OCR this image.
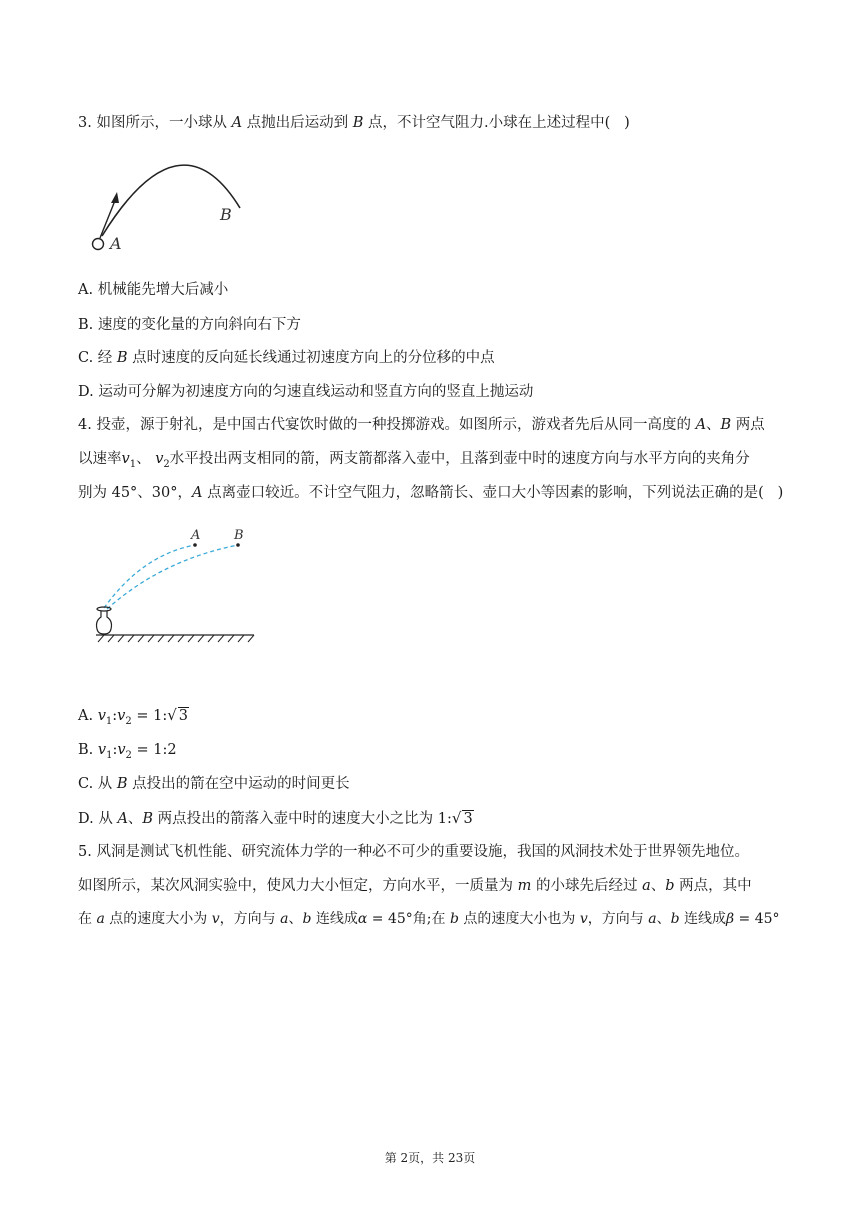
3. 如图所示，一小球从 A 点抛出后运动到 B 点，不计空气阻力.小球在上述过程中(   )
A
B
A. 机械能先增大后减小
B. 速度的变化量的方向斜向右下方
C. 经 B 点时速度的反向延长线通过初速度方向上的分位移的中点
D. 运动可分解为初速度方向的匀速直线运动和竖直方向的竖直上抛运动
4. 投壶，源于射礼，是中国古代宴饮时做的一种投掷游戏。如图所示，游戏者先后从同一高度的 A、B 两点
以速率$v_1$、 $v_2$水平投出两支相同的箭，两支箭都落入壶中，且落到壶中时的速度方向与水平方向的夹角分
别为 45°、30°，A 点离壶口较近。不计空气阻力，忽略箭长、壶口大小等因素的影响，下列说法正确的是(   )
A	B
A. $v_1:v_2$ = 1:√ 3
B. $v_1:v_2$ = 1:2
C. 从 B 点投出的箭在空中运动的时间更长
D. 从 A、B 两点投出的箭落入壶中时的速度大小之比为 1:√ 3
5. 风洞是测试飞机性能、研究流体力学的一种必不可少的重要设施，我国的风洞技术处于世界领先地位。
如图所示，某次风洞实验中，使风力大小恒定，方向水平，一质量为 m 的小球先后经过 a、b 两点，其中
在 a 点的速度大小为 v，方向与 a、b 连线成α = 45°角;在 b 点的速度大小也为 v，方向与 a、b 连线成β = 45°
第 2页，共 23页
